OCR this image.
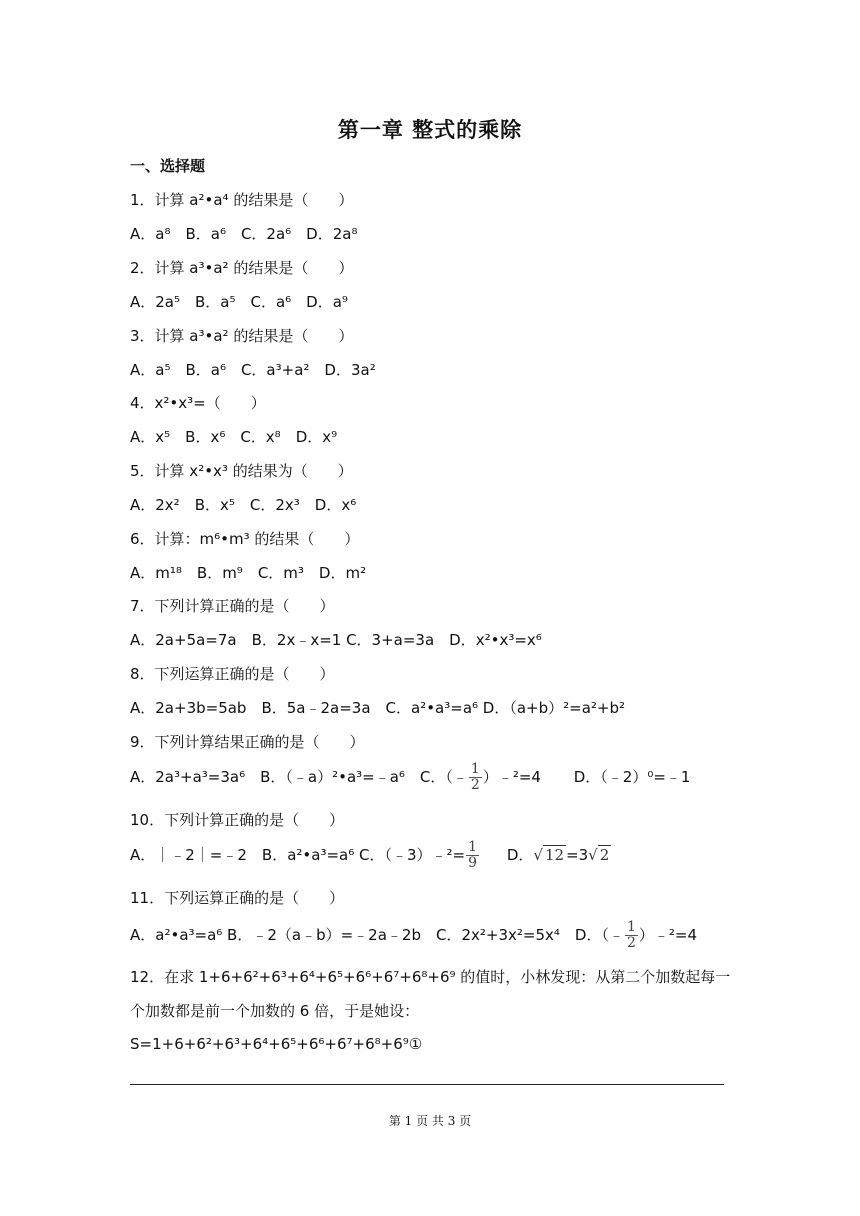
第一章 整式的乘除
一、选择题
1．计算 a²•a⁴ 的结果是（　　）
A．a⁸　B．a⁶　C．2a⁶　D．2a⁸
2．计算 a³•a² 的结果是（　　）
A．2a⁵　B．a⁵　C．a⁶　D．a⁹
3．计算 a³•a² 的结果是（　　）
A．a⁵　B．a⁶　C．a³+a²　D．3a²
4．x²•x³=（　　）
A．x⁵　B．x⁶　C．x⁸　D．x⁹
5．计算 x²•x³ 的结果为（　　）
A．2x²　B．x⁵　C．2x³　D．x⁶
6．计算：m⁶•m³ 的结果（　　）
A．m¹⁸　B．m⁹　C．m³　D．m²
7．下列计算正确的是（　　）
A．2a+5a=7a　B．2x﹣x=1 C．3+a=3a　D．x²•x³=x⁶
8．下列运算正确的是（　　）
A．2a+3b=5ab　B．5a﹣2a=3a　C．a²•a³=a⁶ D．（a+b）²=a²+b²
9．下列计算结果正确的是（　　）
A．2a³+a³=3a⁶　B．（﹣a）²•a³=﹣a⁶　C．（﹣ $\frac{1}{2}$ ）﹣²=4 D．（﹣2）⁰=﹣1
10．下列计算正确的是（　　）
A．｜﹣2｜=﹣2　B．a²•a³=a⁶ C．（﹣3）﹣²= $\frac{1}{9}$ D．√ 12 =3√ 2
11．下列运算正确的是（　　）
A．a²•a³=a⁶ B．﹣2（a﹣b）=﹣2a﹣2b　C．2x²+3x²=5x⁴　D．（﹣ $\frac{1}{2}$ ）﹣²=4
12．在求 1+6+6²+6³+6⁴+6⁵+6⁶+6⁷+6⁸+6⁹ 的值时，小林发现：从第二个加数起每一
个加数都是前一个加数的 6 倍，于是她设：
S=1+6+6²+6³+6⁴+6⁵+6⁶+6⁷+6⁸+6⁹①
第 1 页 共 3 页
